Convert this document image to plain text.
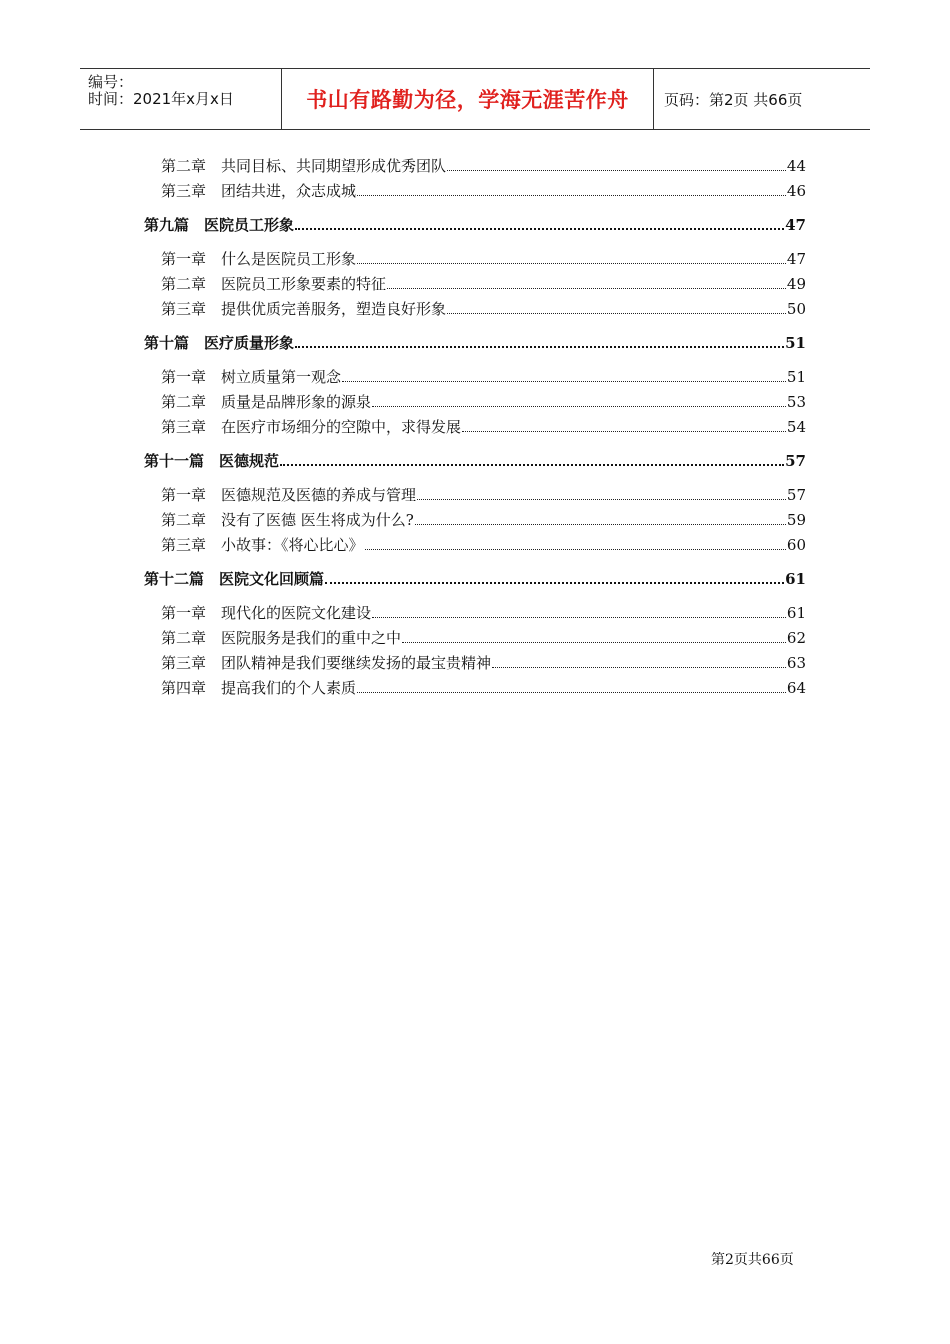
编号：
时间：2021年x月x日	书山有路勤为径，学海无涯苦作舟	页码：第2页 共66页
第二章　共同目标、共同期望形成优秀团队	44
第三章　团结共进，众志成城	46
第九篇　医院员工形象	47
第一章　什么是医院员工形象	47
第二章　医院员工形象要素的特征	49
第三章　提供优质完善服务，塑造良好形象	50
第十篇　医疗质量形象	51
第一章　树立质量第一观念	51
第二章　质量是品牌形象的源泉	53
第三章　在医疗市场细分的空隙中，求得发展	54
第十一篇　医德规范	57
第一章　医德规范及医德的养成与管理	57
第二章　没有了医德 医生将成为什么?	59
第三章　小故事：《将心比心》	60
第十二篇　医院文化回顾篇	61
第一章　现代化的医院文化建设	61
第二章　医院服务是我们的重中之中	62
第三章　团队精神是我们要继续发扬的最宝贵精神	63
第四章　提高我们的个人素质	64
第2页共66页
